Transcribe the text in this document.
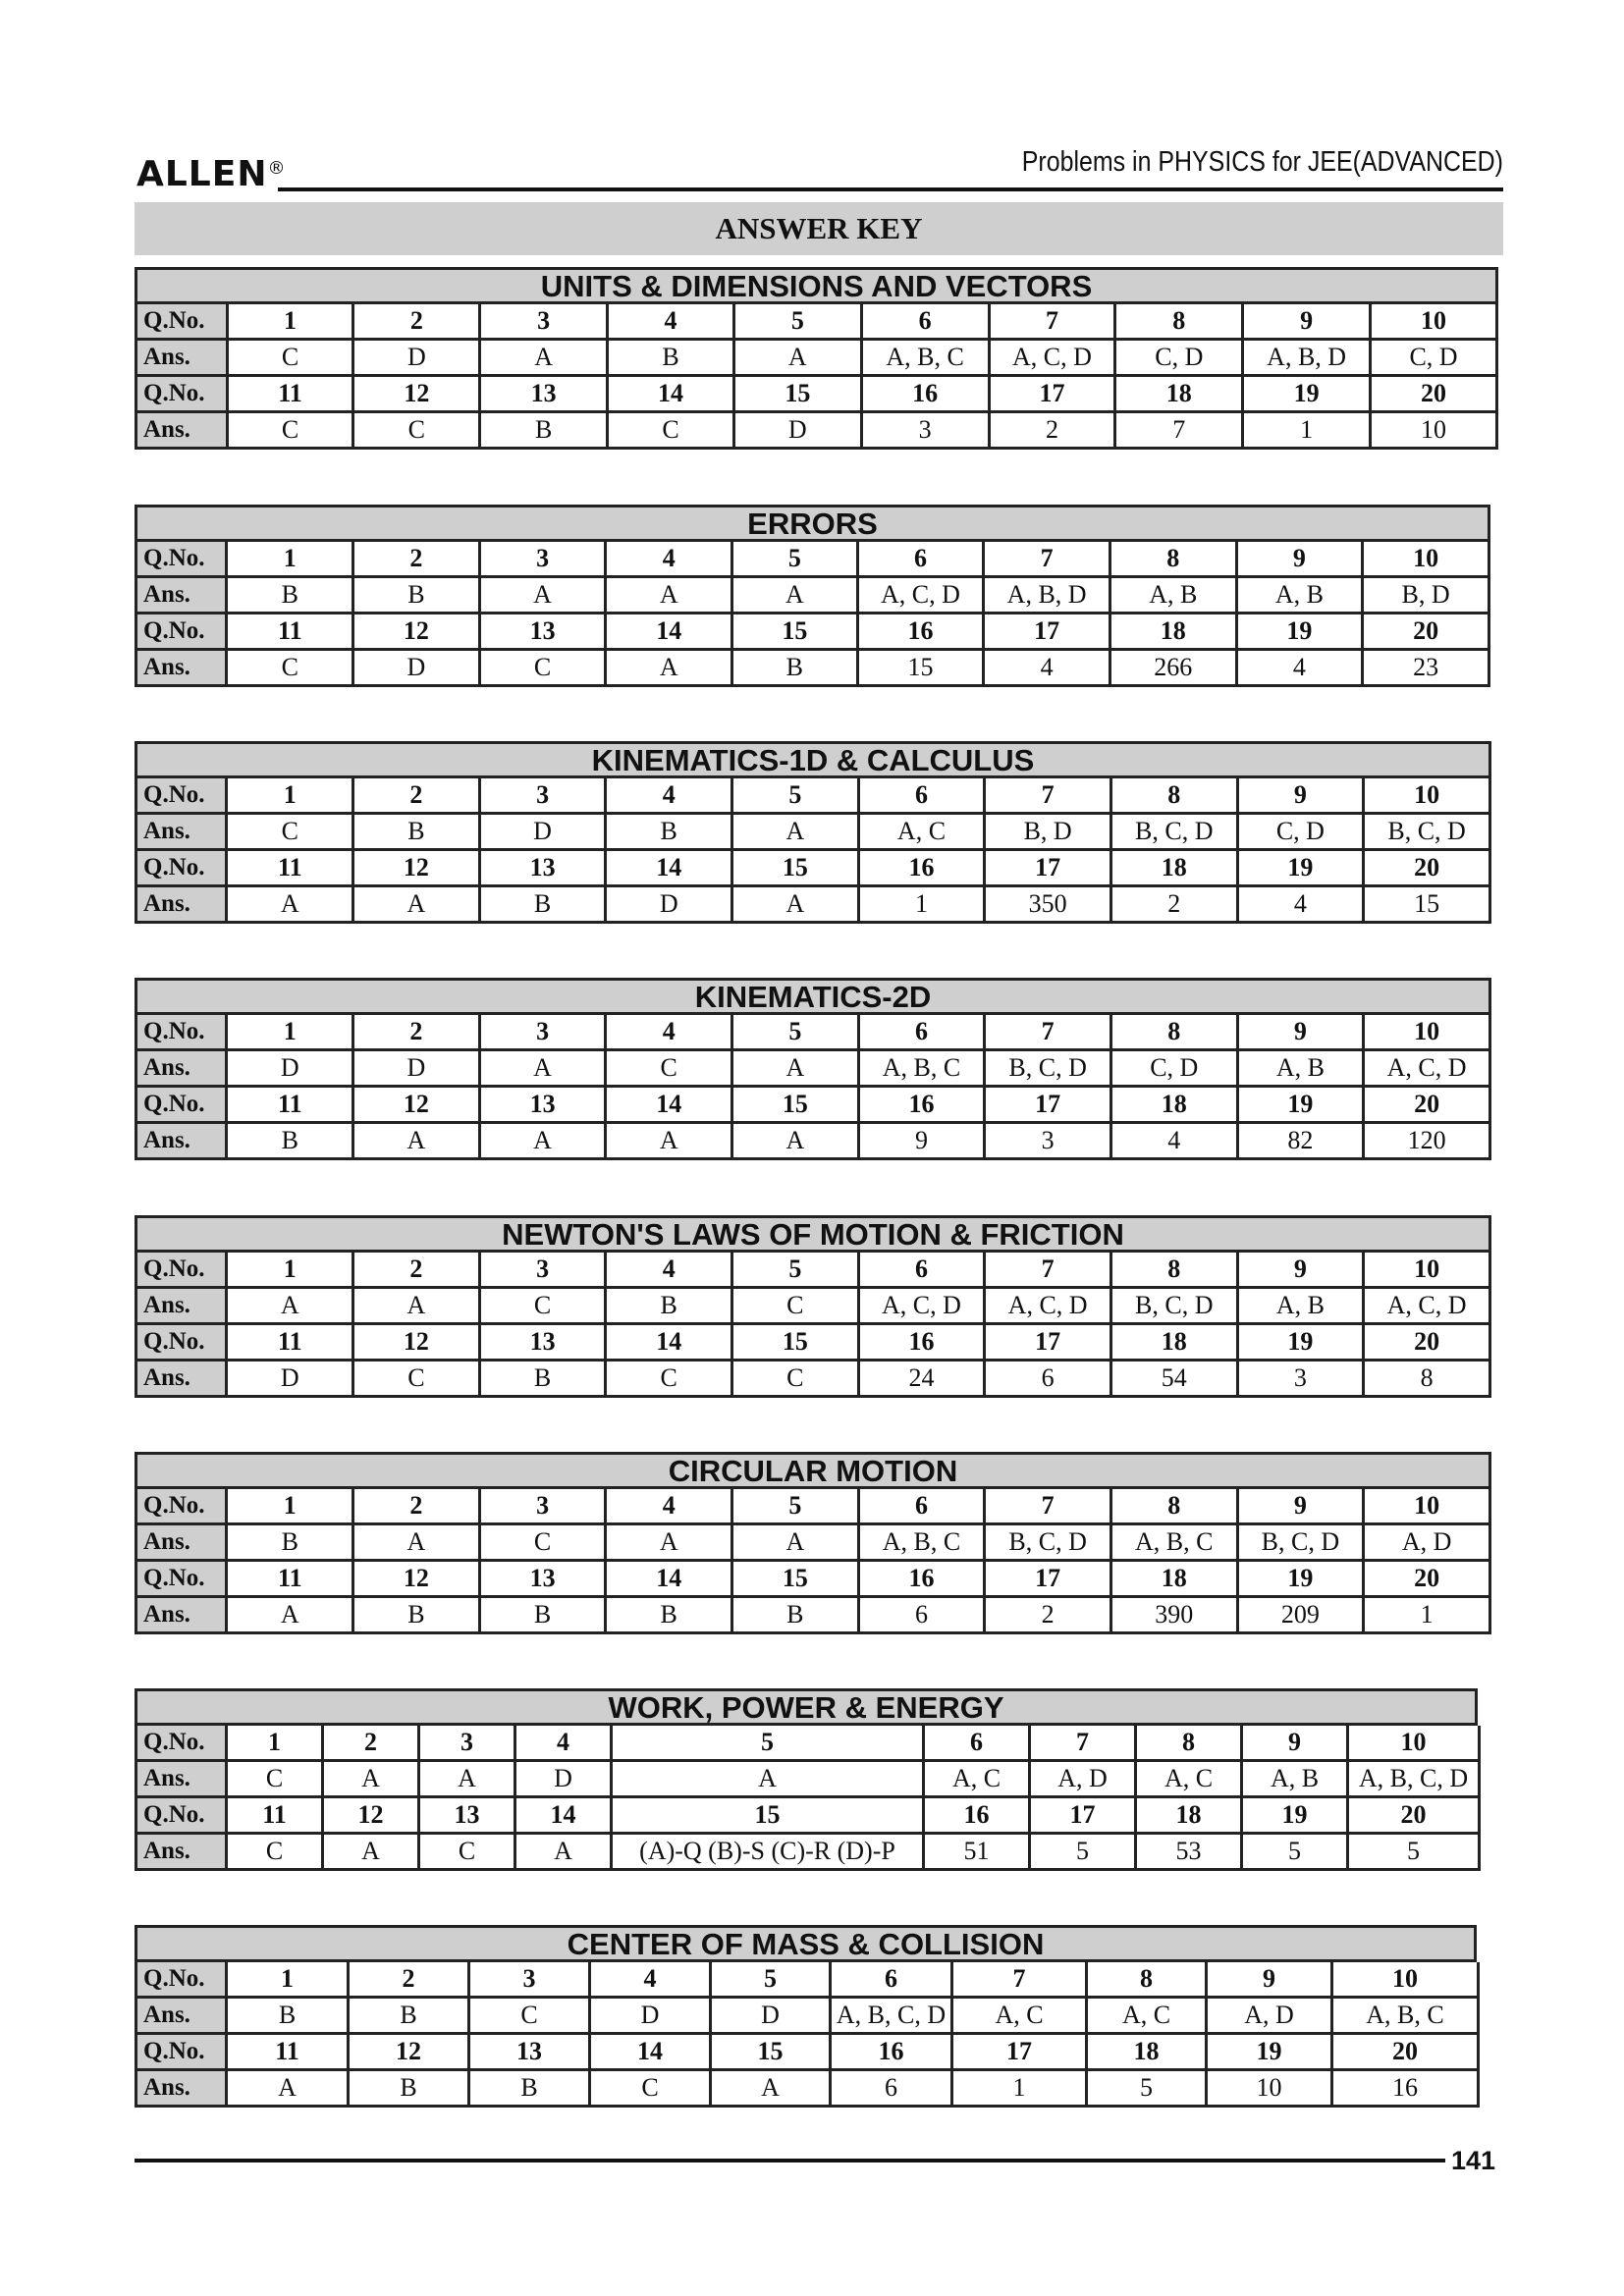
ALLEN®	Problems in PHYSICS for JEE(ADVANCED)
ANSWER KEY
UNITS & DIMENSIONS AND VECTORS
Q.No.	1	2	3	4	5	6	7	8	9	10
Ans.	C	D	A	B	A	A, B, C	A, C, D	C, D	A, B, D	C, D
Q.No.	11	12	13	14	15	16	17	18	19	20
Ans.	C	C	B	C	D	3	2	7	1	10
ERRORS
Q.No.	1	2	3	4	5	6	7	8	9	10
Ans.	B	B	A	A	A	A, C, D	A, B, D	A, B	A, B	B, D
Q.No.	11	12	13	14	15	16	17	18	19	20
Ans.	C	D	C	A	B	15	4	266	4	23
KINEMATICS-1D & CALCULUS
Q.No.	1	2	3	4	5	6	7	8	9	10
Ans.	C	B	D	B	A	A, C	B, D	B, C, D	C, D	B, C, D
Q.No.	11	12	13	14	15	16	17	18	19	20
Ans.	A	A	B	D	A	1	350	2	4	15
KINEMATICS-2D
Q.No.	1	2	3	4	5	6	7	8	9	10
Ans.	D	D	A	C	A	A, B, C	B, C, D	C, D	A, B	A, C, D
Q.No.	11	12	13	14	15	16	17	18	19	20
Ans.	B	A	A	A	A	9	3	4	82	120
NEWTON'S LAWS OF MOTION & FRICTION
Q.No.	1	2	3	4	5	6	7	8	9	10
Ans.	A	A	C	B	C	A, C, D	A, C, D	B, C, D	A, B	A, C, D
Q.No.	11	12	13	14	15	16	17	18	19	20
Ans.	D	C	B	C	C	24	6	54	3	8
CIRCULAR MOTION
Q.No.	1	2	3	4	5	6	7	8	9	10
Ans.	B	A	C	A	A	A, B, C	B, C, D	A, B, C	B, C, D	A, D
Q.No.	11	12	13	14	15	16	17	18	19	20
Ans.	A	B	B	B	B	6	2	390	209	1
WORK, POWER & ENERGY
Q.No.	1	2	3	4	5	6	7	8	9	10
Ans.	C	A	A	D	A	A, C	A, D	A, C	A, B	A, B, C, D
Q.No.	11	12	13	14	15	16	17	18	19	20
Ans.	C	A	C	A	(A)-Q (B)-S (C)-R (D)-P	51	5	53	5	5
CENTER OF MASS & COLLISION
Q.No.	1	2	3	4	5	6	7	8	9	10
Ans.	B	B	C	D	D	A, B, C, D	A, C	A, C	A, D	A, B, C
Q.No.	11	12	13	14	15	16	17	18	19	20
Ans.	A	B	B	C	A	6	1	5	10	16
141
